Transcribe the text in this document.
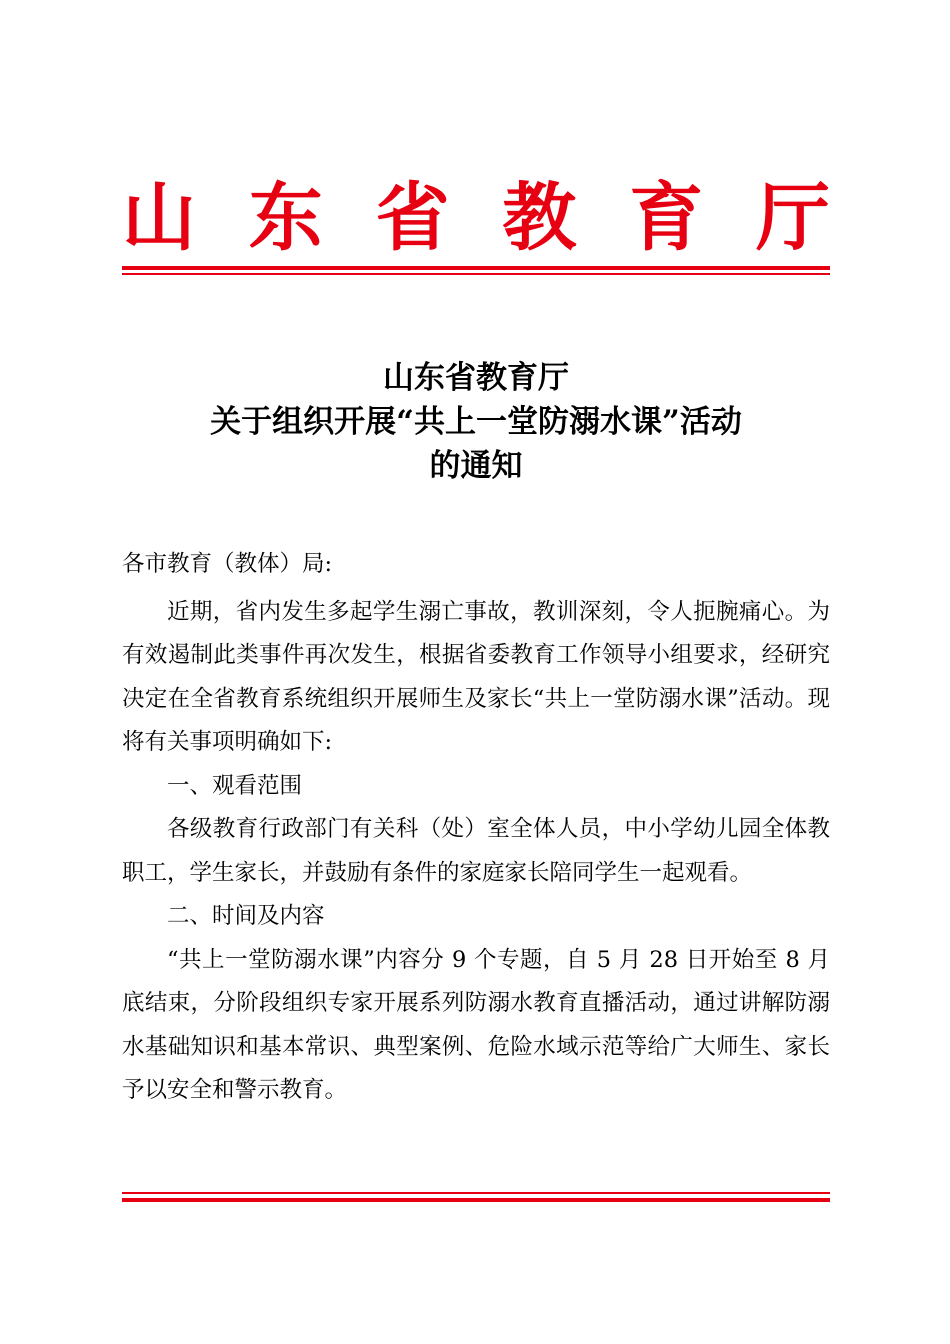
山 东 省 教 育 厅
山东省教育厅
关于组织开展“共上一堂防溺水课”活动
的通知

各市教育（教体）局:

近期，省内发生多起学生溺亡事故，教训深刻，令人扼腕痛心。为有效遏制此类事件再次发生，根据省委教育工作领导小组要求，经研究决定在全省教育系统组织开展师生及家长“共上一堂防溺水课”活动。现将有关事项明确如下:

一、观看范围

各级教育行政部门有关科（处）室全体人员，中小学幼儿园全体教职工，学生家长，并鼓励有条件的家庭家长陪同学生一起观看。

二、时间及内容

“共上一堂防溺水课”内容分 9 个专题，自 5 月 28 日开始至 8 月底结束，分阶段组织专家开展系列防溺水教育直播活动，通过讲解防溺水基础知识和基本常识、典型案例、危险水域示范等给广大师生、家长予以安全和警示教育。
